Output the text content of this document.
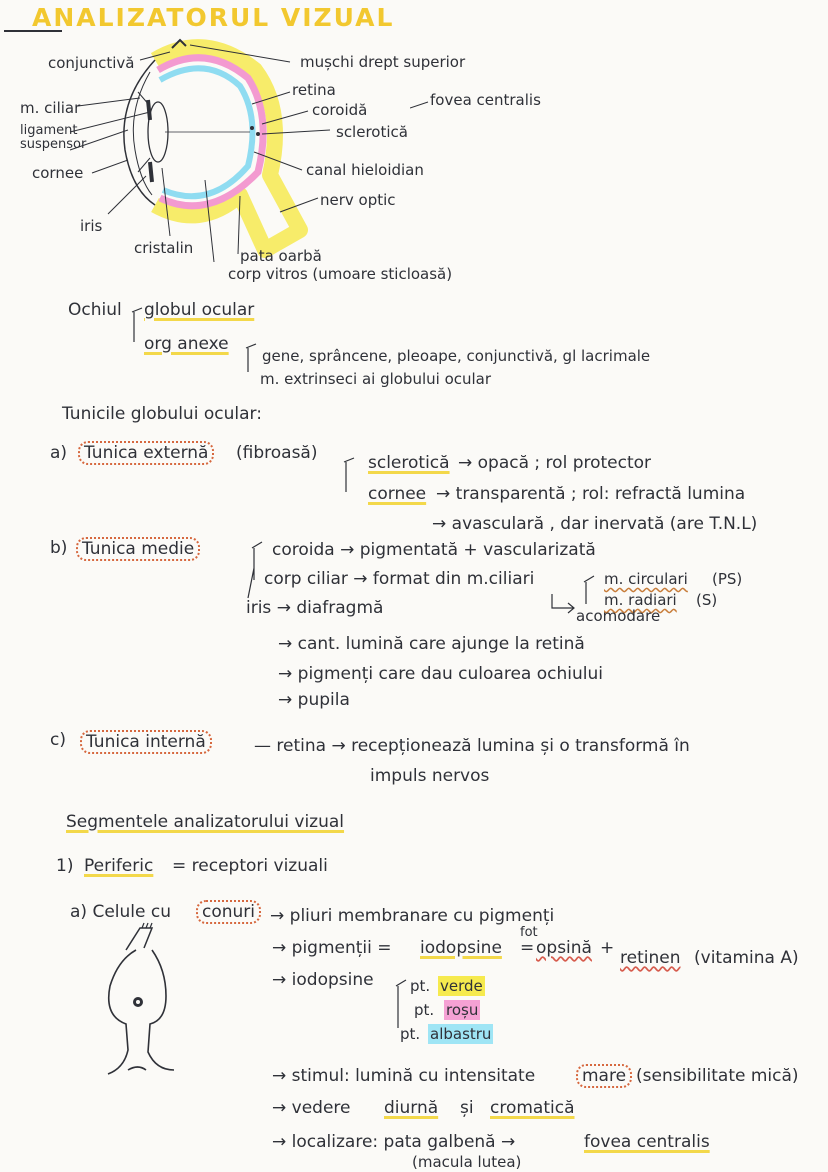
ANALIZATORUL VIZUAL
conjunctivă
m. ciliar
ligament
suspensor
cornee
iris
cristalin
mușchi drept superior
retina
coroidă
fovea centralis
sclerotică
canal hieloidian
nerv optic
pata oarbă
corp vitros (umoare sticloasă)
Ochiul globul ocular
org anexe
gene, sprâncene, pleoape, conjunctivă, gl lacrimale
m. extrinseci ai globului ocular
Tunicile globului ocular:
a) Tunica externă	(fibroasă)	sclerotică → opacă ; rol protector
cornee → transparentă ; rol: refractă lumina
→ avasculară , dar inervată (are T.N.L)
b) Tunica medie	coroida → pigmentată + vascularizată
corp ciliar → format din m.ciliari	m. circulari (PS)
m. radiari (S)
acomodare
iris → diafragmă
→ cant. lumină care ajunge la retină
→ pigmenți care dau culoarea ochiului
→ pupila
c)	Tunica internă	— retina → recepționează lumina și o transformă în
impuls nervos
Segmentele analizatorului vizual
1) Periferic = receptori vizuali
a) Celule cu	conuri → pliuri membranare cu pigmenți
→ pigmenții = iodopsine
fot
= opsină + retinen (vitamina A)
→ iodopsine pt. verde
pt. roșu
pt. albastru
→ stimul: lumină cu intensitate	mare (sensibilitate mică)
→ vedere diurnă și cromatică
→ localizare: pata galbenă →	fovea centralis
(macula lutea)
